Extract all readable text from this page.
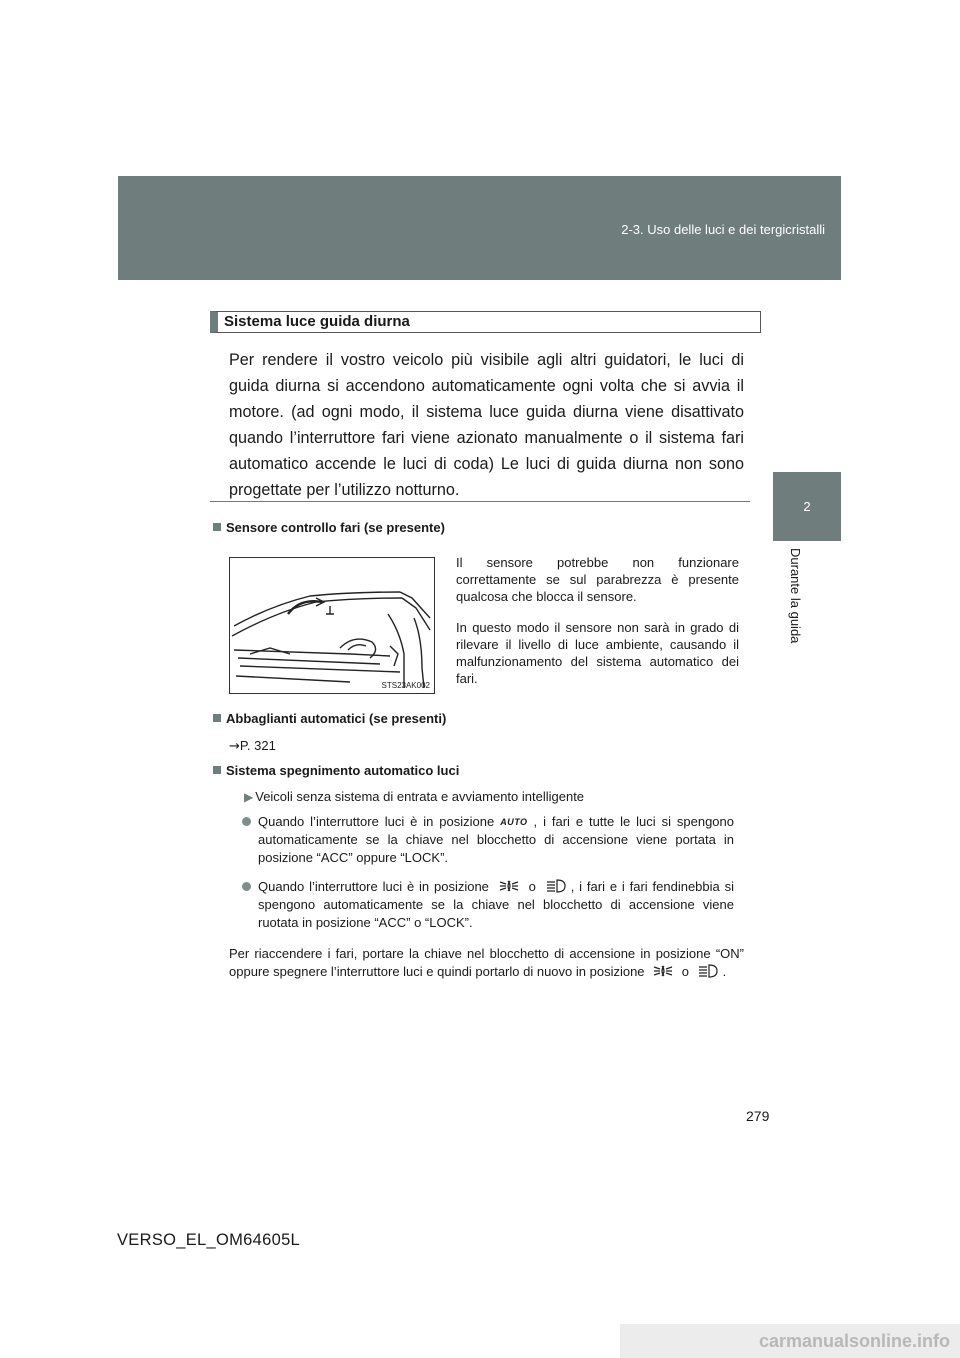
2-3. Uso delle luci e dei tergicristalli
2
Durante la guida
Sistema luce guida diurna
Per rendere il vostro veicolo più visibile agli altri guidatori, le luci di guida diurna si accendono automaticamente ogni volta che si avvia il motore. (ad ogni modo, il sistema luce guida diurna viene disattivato quando l’interruttore fari viene azionato manualmente o il sistema fari automatico accende le luci di coda) Le luci di guida diurna non sono progettate per l’utilizzo notturno.
Sensore controllo fari (se presente)
STS23AK002
Il sensore potrebbe non funzionare correttamente se sul parabrezza è presente qualcosa che blocca il sensore.
In questo modo il sensore non sarà in grado di rilevare il livello di luce ambiente, causando il malfunzionamento del sistema automatico dei fari.
Abbaglianti automatici (se presenti)
→P. 321
Sistema spegnimento automatico luci
▶ Veicoli senza sistema di entrata e avviamento intelligente
Quando l’interruttore luci è in posizione AUTO , i fari e tutte le luci si spengono automaticamente se la chiave nel blocchetto di accensione viene portata in posizione “ACC” oppure “LOCK”.
Quando l’interruttore luci è in posizione	o	, i fari e i fari fendinebbia si spengono automaticamente se la chiave nel blocchetto di accensione viene ruotata in posizione “ACC” o “LOCK”.
Per riaccendere i fari, portare la chiave nel blocchetto di accensione in posizione “ON” oppure spegnere l’interruttore luci e quindi portarlo di nuovo in posizione	o	.
279
VERSO_EL_OM64605L
carmanualsonline.info
